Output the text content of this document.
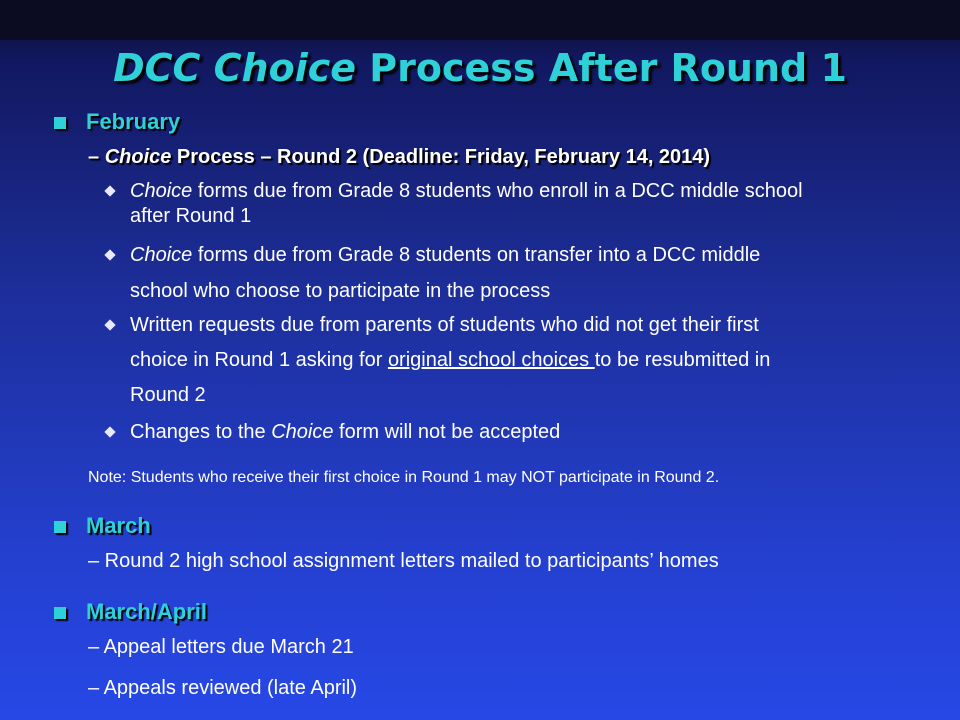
DCC Choice Process After Round 1
February
– Choice Process – Round 2 (Deadline: Friday, February 14, 2014)
Choice forms due from Grade 8 students who enroll in a DCC middle school
after Round 1
Choice forms due from Grade 8 students on transfer into a DCC middle
school who choose to participate in the process
Written requests due from parents of students who did not get their first
choice in Round 1 asking for original school choices to be resubmitted in
Round 2
Changes to the Choice form will not be accepted
Note: Students who receive their first choice in Round 1 may NOT participate in Round 2.
March
– Round 2 high school assignment letters mailed to participants’ homes
March/April
– Appeal letters due March 21
– Appeals reviewed (late April)
